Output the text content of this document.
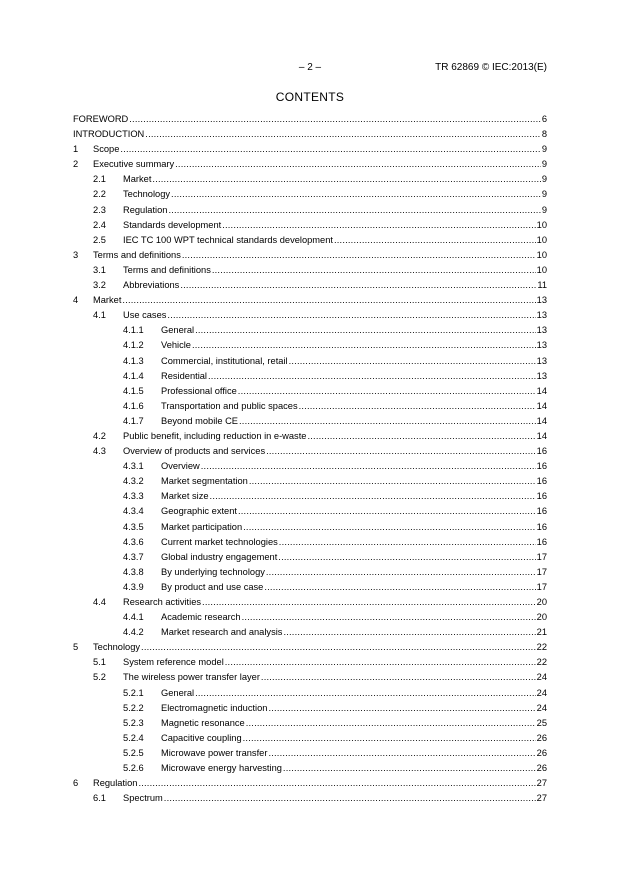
– 2 –	TR 62869 © IEC:2013(E)
CONTENTS
FOREWORD .....	6
INTRODUCTION .....	8
1	Scope .....	9
2	Executive summary .....	9
2.1	Market .....	9
2.2	Technology .....	9
2.3	Regulation .....	9
2.4	Standards development .....	10
2.5	IEC TC 100 WPT technical standards development .....	10
3	Terms and definitions .....	10
3.1	Terms and definitions .....	10
3.2	Abbreviations .....	11
4	Market .....	13
4.1	Use cases .....	13
4.1.1	General .....	13
4.1.2	Vehicle .....	13
4.1.3	Commercial, institutional, retail .....	13
4.1.4	Residential .....	13
4.1.5	Professional office .....	14
4.1.6	Transportation and public spaces .....	14
4.1.7	Beyond mobile CE .....	14
4.2	Public benefit, including reduction in e-waste .....	14
4.3	Overview of products and services .....	16
4.3.1	Overview .....	16
4.3.2	Market segmentation .....	16
4.3.3	Market size .....	16
4.3.4	Geographic extent .....	16
4.3.5	Market participation .....	16
4.3.6	Current market technologies .....	16
4.3.7	Global industry engagement .....	17
4.3.8	By underlying technology .....	17
4.3.9	By product and use case .....	17
4.4	Research activities .....	20
4.4.1	Academic research .....	20
4.4.2	Market research and analysis .....	21
5	Technology .....	22
5.1	System reference model .....	22
5.2	The wireless power transfer layer .....	24
5.2.1	General .....	24
5.2.2	Electromagnetic induction .....	24
5.2.3	Magnetic resonance .....	25
5.2.4	Capacitive coupling .....	26
5.2.5	Microwave power transfer .....	26
5.2.6	Microwave energy harvesting .....	26
6	Regulation .....	27
6.1	Spectrum .....	27
